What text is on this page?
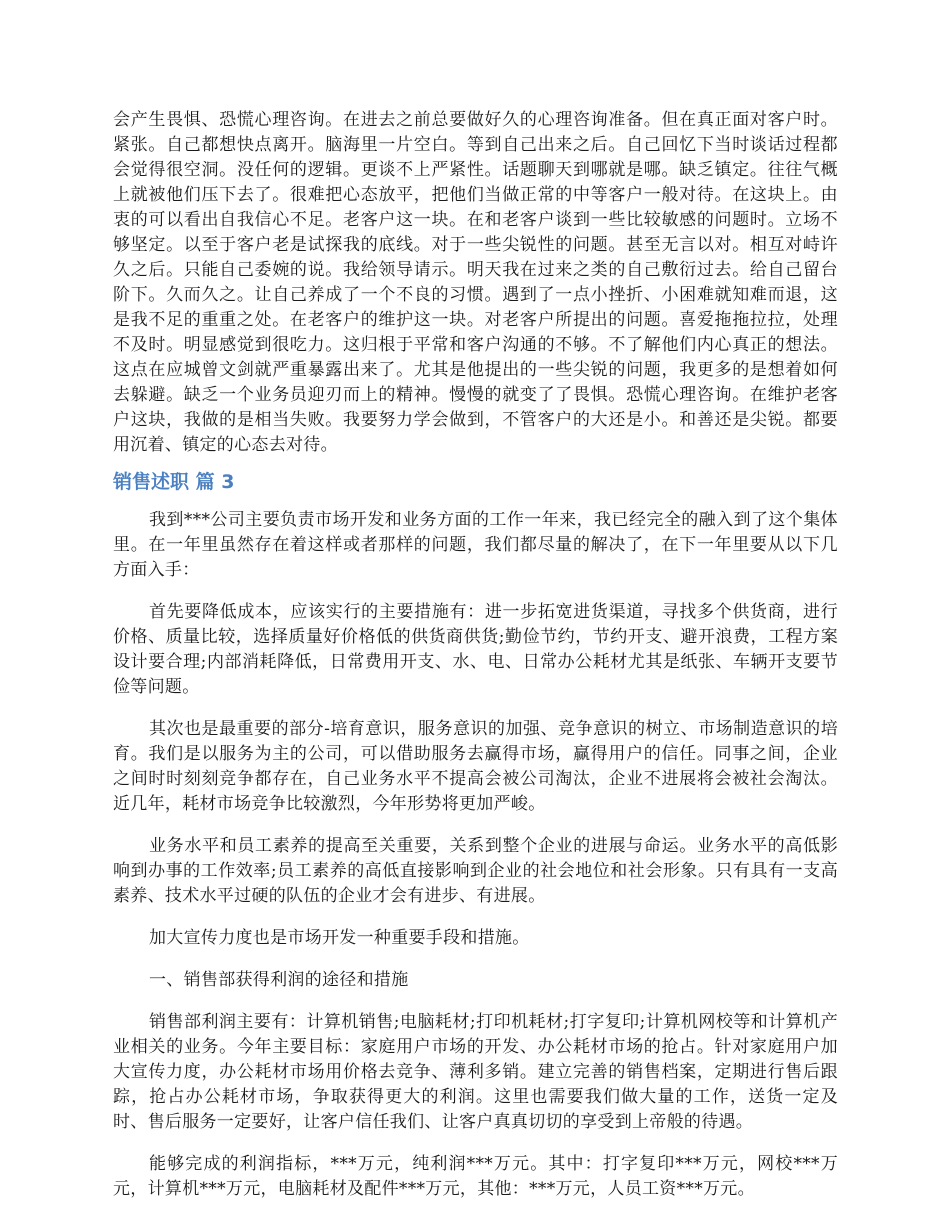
会产生畏惧、恐慌心理咨询。在进去之前总要做好久的心理咨询准备。但在真正面对客户时。紧张。自己都想快点离开。脑海里一片空白。等到自己出来之后。自己回忆下当时谈话过程都会觉得很空洞。没任何的逻辑。更谈不上严紧性。话题聊天到哪就是哪。缺乏镇定。往往气概上就被他们压下去了。很难把心态放平，把他们当做正常的中等客户一般对待。在这块上。由衷的可以看出自我信心不足。老客户这一块。在和老客户谈到一些比较敏感的问题时。立场不够坚定。以至于客户老是试探我的底线。对于一些尖锐性的问题。甚至无言以对。相互对峙许久之后。只能自己委婉的说。我给领导请示。明天我在过来之类的自己敷衍过去。给自己留台阶下。久而久之。让自己养成了一个不良的习惯。遇到了一点小挫折、小困难就知难而退，这是我不足的重重之处。在老客户的维护这一块。对老客户所提出的问题。喜爱拖拖拉拉，处理不及时。明显感觉到很吃力。这归根于平常和客户沟通的不够。不了解他们内心真正的想法。这点在应城曾文剑就严重暴露出来了。尤其是他提出的一些尖锐的问题，我更多的是想着如何去躲避。缺乏一个业务员迎刃而上的精神。慢慢的就变了了畏惧。恐慌心理咨询。在维护老客户这块，我做的是相当失败。我要努力学会做到，不管客户的大还是小。和善还是尖锐。都要用沉着、镇定的心态去对待。

销售述职 篇 3

我到***公司主要负责市场开发和业务方面的工作一年来，我已经完全的融入到了这个集体里。在一年里虽然存在着这样或者那样的问题，我们都尽量的解决了，在下一年里要从以下几方面入手：

首先要降低成本，应该实行的主要措施有：进一步拓宽进货渠道，寻找多个供货商，进行价格、质量比较，选择质量好价格低的供货商供货;勤俭节约，节约开支、避开浪费，工程方案设计要合理;内部消耗降低，日常费用开支、水、电、日常办公耗材尤其是纸张、车辆开支要节俭等问题。

其次也是最重要的部分-培育意识，服务意识的加强、竞争意识的树立、市场制造意识的培育。我们是以服务为主的公司，可以借助服务去赢得市场，赢得用户的信任。同事之间，企业之间时时刻刻竞争都存在，自己业务水平不提高会被公司淘汰，企业不进展将会被社会淘汰。近几年，耗材市场竞争比较激烈，今年形势将更加严峻。

业务水平和员工素养的提高至关重要，关系到整个企业的进展与命运。业务水平的高低影响到办事的工作效率;员工素养的高低直接影响到企业的社会地位和社会形象。只有具有一支高素养、技术水平过硬的队伍的企业才会有进步、有进展。

加大宣传力度也是市场开发一种重要手段和措施。

一、销售部获得利润的途径和措施

销售部利润主要有：计算机销售;电脑耗材;打印机耗材;打字复印;计算机网校等和计算机产业相关的业务。今年主要目标：家庭用户市场的开发、办公耗材市场的抢占。针对家庭用户加大宣传力度，办公耗材市场用价格去竞争、薄利多销。建立完善的销售档案，定期进行售后跟踪，抢占办公耗材市场，争取获得更大的利润。这里也需要我们做大量的工作，送货一定及时、售后服务一定要好，让客户信任我们、让客户真真切切的享受到上帝般的待遇。

能够完成的利润指标，***万元，纯利润***万元。其中：打字复印***万元，网校***万元，计算机***万元，电脑耗材及配件***万元，其他：***万元，人员工资***万元。
